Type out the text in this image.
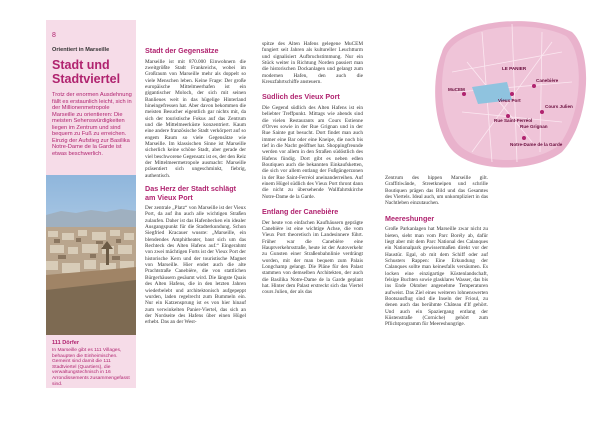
8
Orientiert in Marseille
Stadt und
Stadtviertel

Trotz der enormen Ausdehnung fällt es erstaunlich leicht, sich in der Millionenmetropole Marseille zu orientieren: Die meisten Sehenswürdigkeiten liegen im Zentrum und sind bequem zu Fuß zu erreichen. Einzig der Aufstieg zur Basilika Notre-Dame de la Garde ist etwas beschwerlich.

111 Dörfer

In Marseille gibt es 111 Villages, behaupten die Einheimischen. Gemeint sind damit die 111 Stadtviertel (Quartiers), die verwaltungstechnisch in 16 Arrondissements zusammengefasst sind.

Stadt der Gegensätze

Marseille ist mit 870.000 Einwohnern die zweitgrößte Stadt Frankreichs, wobei im Großraum von Marseille mehr als doppelt so viele Menschen leben. Keine Frage: Der große europäische Mittelmeerhafen ist ein gigantischer Moloch, der sich mit seinen Banlieues weit in das hügelige Hinterland hineingefressen hat. Aber davon bekommen die meisten Besucher eigentlich gar nichts mit, da sich der touristische Fokus auf das Zentrum und die Mittelmeerküste konzentriert. Kaum eine andere französische Stadt verkörpert auf so engem Raum so viele Gegensätze wie Marseille. Im klassischen Sinne ist Marseille sicherlich keine schöne Stadt, aber gerade der viel beschworene Gegensatz ist es, der den Reiz der Mittelmeermetropole ausmacht: Marseille präsentiert sich ungeschminkt, fiebrig, authentisch.

Das Herz der Stadt schlägt am Vieux Port

Der zentrale „Platz“ von Marseille ist der Vieux Port, da auf ihn auch alle wichtigen Straßen zulaufen. Daher ist das Hafenbecken ein idealer Ausgangspunkt für die Stadterkundung. Schon Siegfried Kracauer wusste: „Marseille, ein blendendes Amphitheater, baut sich um das Rechteck des Alten Hafens auf.“ Eingerahmt von zwei mächtigen Forts ist der Vieux Port der historische Kern und der touristische Magnet von Marseille. Hier endet auch die alte Prachtstraße Canebière, die von stattlichen Bürgerhäusern gesäumt wird. Die längste Quais des Alten Hafens, die in den letzten Jahren wiederbelebt und architektonisch aufgepeppt wurden, laden regelrecht zum Bummeln ein. Nur ein Katzensprung ist es von hier hinauf zum verwinkelten Panier-Viertel, das sich an der Nordseite des Hafens über einen Hügel erhebt. Das an der West-

spitze des Alten Hafens gelegene MuCEM fungiert seit Jahren als kultureller Leuchtturm und signalisiert Aufbruchstimmung. Nur ein Stück weiter in Richtung Norden passiert man die historischen Dockanlagen und gelangt zum modernen Hafen, den auch die Kreuzfahrtschiffe ansteuern.

Südlich des Vieux Port

Die Gegend südlich des Alten Hafens ist ein beliebter Treffpunkt. Mittags wie abends sind die vielen Restaurants am Cours Estienne d'Orves sowie in der Rue Grignan und in der Rue Sainte gut besucht. Dort findet man auch immer eine Bar oder eine Kneipe, die noch bis tief in die Nacht geöffnet hat. Shoppingfreunde werden vor allem in den Straßen südöstlich des Hafens fündig. Dort gibt es neben edlen Boutiquen auch die bekannten Einkaufsketten, die sich vor allem entlang der Fußgängerzonen in der Rue Saint-Ferréol aneinanderreihen. Auf einem Hügel südlich des Vieux Port thront dann die nicht zu übersehende Wallfahrtskirche Notre-Dame de la Garde.

Entlang der Canebière

Der heute von einfachen Kaufhäusern geprägte Canebière ist eine wichtige Achse, die vom Vieux Port theoretisch im Landesinnere führt. Früher war die Canebière eine Hauptverkehrsstraße, heute ist der Autoverkehr zu Gunsten einer Straßenbahnlinie verdrängt worden, mit der man bequem zum Palais Longchamp gelangt. Die Pläne für den Palast stammen von demselben Architekten, der auch die Basilika Notre-Dame de la Garde geplant hat. Hinter dem Palast erstreckt sich das Viertel cours Julien, der als das

Zentrum des hippen Marseille gilt. Graffitiwände, Streetkneipen und schrille Boutiquen prägen das Bild und das Gesamtes des Viertels. Ideal auch, um unkompliziert in das Nachtleben einzutauchen.

Meereshunger

Große Parkanlagen hat Marseille zwar nicht zu bieten, sieht man vom Parc Borély ab, dafür liegt aber mit dem Parc National des Calanques ein Nationalpark gewissermaßen direkt vor der Haustür. Egal, ob mit dem Schiff oder auf Schusters Rappen: Eine Erkundung der Calanques sollte man keinesfalls versäumen. Es locken eine einzigartige Küstenlandschaft, felsige Buchten sowie glasklares Wasser, das bis ins Ende Oktober angenehme Temperaturen aufweist. Das Ziel eines weiteren lohnenswerten Bootsausflug sind die Inseln der Frioul, zu denen auch das berühmte Château d'If gehört. Und auch ein Spaziergang entlang der Küstenstraße (Corniche) gehört zum Pflichtprogramm für Meereshungrige.

LE PANIER
MuCEM
Vieux Port
Canebière
Rue Saint-Ferréol
Rue Grignan
Cours Julien
Notre-Dame de la Garde
